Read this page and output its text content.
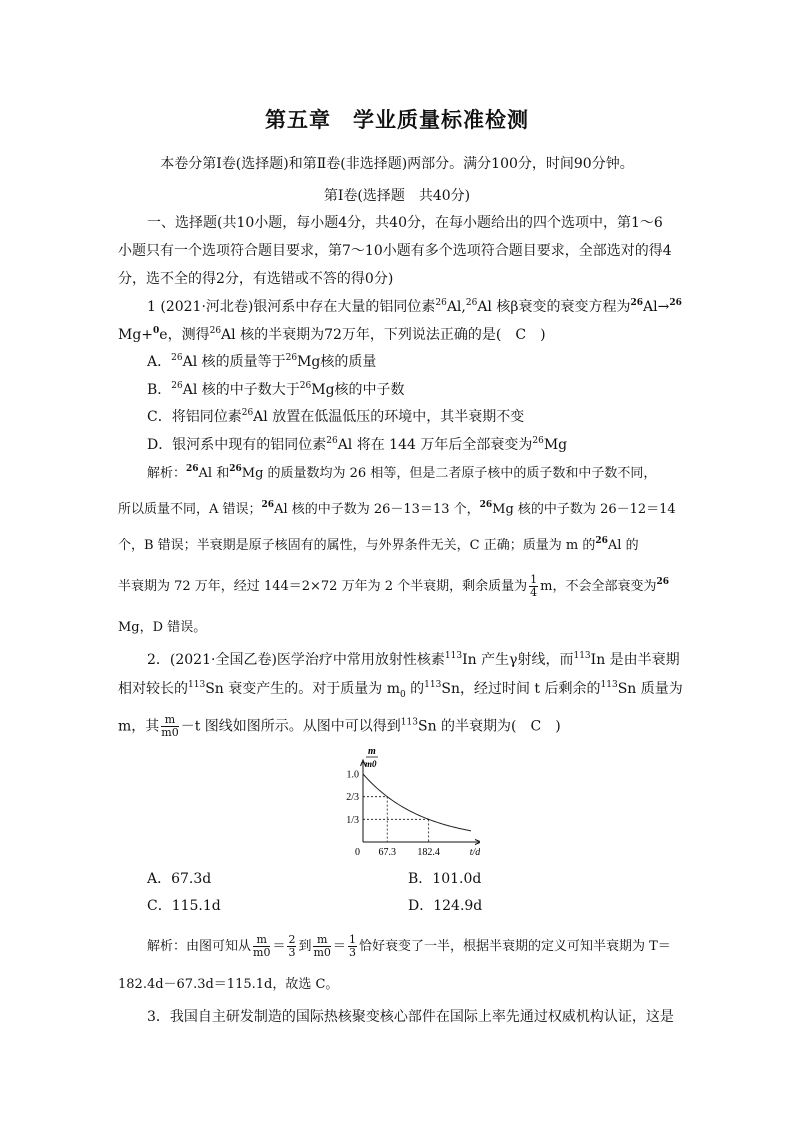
第五章　学业质量标准检测
本卷分第Ⅰ卷(选择题)和第Ⅱ卷(非选择题)两部分。满分100分，时间90分钟。
第Ⅰ卷(选择题　共40分)
一、选择题(共10小题，每小题4分，共40分，在每小题给出的四个选项中，第1～6
小题只有一个选项符合题目要求，第7～10小题有多个选项符合题目要求，全部选对的得4
分，选不全的得2分，有选错或不答的得0分)
1 (2021·河北卷)银河系中存在大量的铝同位素$^{26}$Al,$^{26}$Al 核β衰变的衰变方程为$^{26}$Al→$^{26}$
Mg+$^0$e，测得$^{26}$Al 核的半衰期为72万年，下列说法正确的是(　C　)
A．$^{26}$Al 核的质量等于$^{26}$Mg核的质量
B．$^{26}$Al 核的中子数大于$^{26}$Mg核的中子数
C．将铝同位素$^{26}$Al 放置在低温低压的环境中，其半衰期不变
D．银河系中现有的铝同位素$^{26}$Al 将在 144 万年后全部衰变为$^{26}$Mg
解析：$^{26}$Al 和$^{26}$Mg 的质量数均为 26 相等，但是二者原子核中的质子数和中子数不同，
所以质量不同，A 错误；$^{26}$Al 核的中子数为 26－13＝13 个，$^{26}$Mg 核的中子数为 26－12＝14
个，B 错误；半衰期是原子核固有的属性，与外界条件无关，C 正确；质量为 m 的$^{26}$Al 的
半衰期为 72 万年，经过 144＝2×72 万年为 2 个半衰期，剩余质量为 $\frac{1}{4}$ m，不会全部衰变为$^{26}$
Mg，D 错误。
2．(2021·全国乙卷)医学治疗中常用放射性核素$^{113}$In 产生γ射线，而$^{113}$In 是由半衰期
相对较长的$^{113}$Sn 衰变产生的。对于质量为 $m_0$ 的$^{113}$Sn，经过时间 t 后剩余的$^{113}$Sn 质量为
m，其 $\frac{m}{m0} -t$ 图线如图所示。从图中可以得到$^{113}$Sn 的半衰期为(　C　)
m
m0
1.0
2/3
1/3
0 67.3 182.4	t/d
A．67.3d	B．101.0d
C．115.1d	D．124.9d
解析：由图可知从 $\frac{m}{m0} = \frac{2}{3}$ 到 $\frac{m}{m0} = \frac{1}{3}$ 恰好衰变了一半，根据半衰期的定义可知半衰期为 T＝
182.4d－67.3d＝115.1d，故选 C。
3．我国自主研发制造的国际热核聚变核心部件在国际上率先通过权威机构认证，这是
